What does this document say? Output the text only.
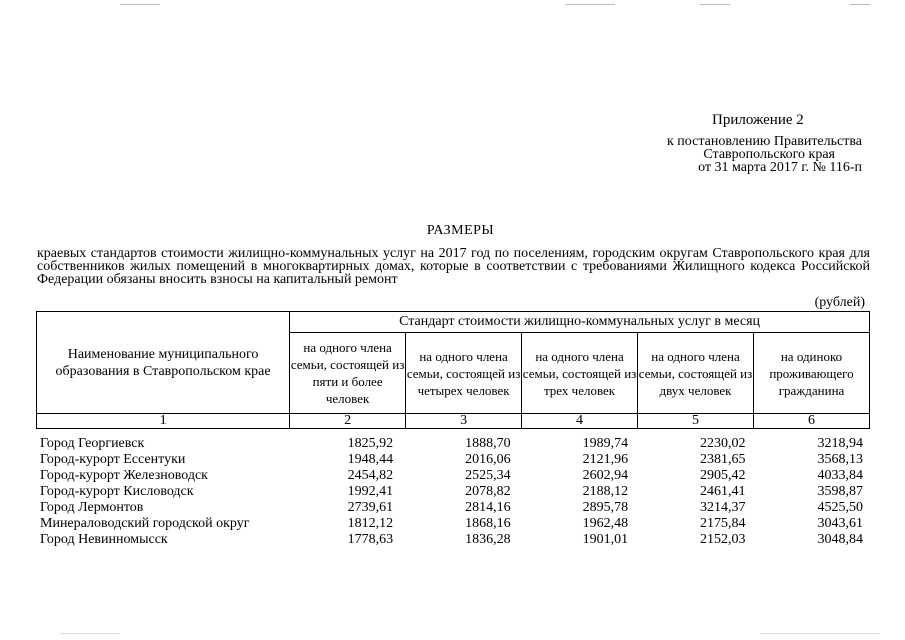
Приложение 2
к постановлению Правительства
Ставропольского края
от 31 марта 2017 г. № 116-п
РАЗМЕРЫ
краевых стандартов стоимости жилищно-коммунальных услуг на 2017 год по поселениям, городским округам Ставропольского края для собственников жилых помещений в многоквартирных домах, которые в соответствии с требованиями Жилищного кодекса Российской Федерации обязаны вносить взносы на капитальный ремонт
(рублей)
Наименование муниципального образования в Ставропольском крае	Стандарт стоимости жилищно-коммунальных услуг в месяц				
	на одного члена семьи, состоящей из пяти и более человек	на одного члена семьи, состоящей из четырех человек	на одного члена семьи, состоящей из трех человек	на одного члена семьи, состоящей из двух человек	на одиноко проживающего гражданина
1	2	3	4	5	6
Город Георгиевск	1825,92	1888,70	1989,74	2230,02	3218,94
Город-курорт Ессентуки	1948,44	2016,06	2121,96	2381,65	3568,13
Город-курорт Железноводск	2454,82	2525,34	2602,94	2905,42	4033,84
Город-курорт Кисловодск	1992,41	2078,82	2188,12	2461,41	3598,87
Город Лермонтов	2739,61	2814,16	2895,78	3214,37	4525,50
Минераловодский городской округ	1812,12	1868,16	1962,48	2175,84	3043,61
Город Невинномысск	1778,63	1836,28	1901,01	2152,03	3048,84
